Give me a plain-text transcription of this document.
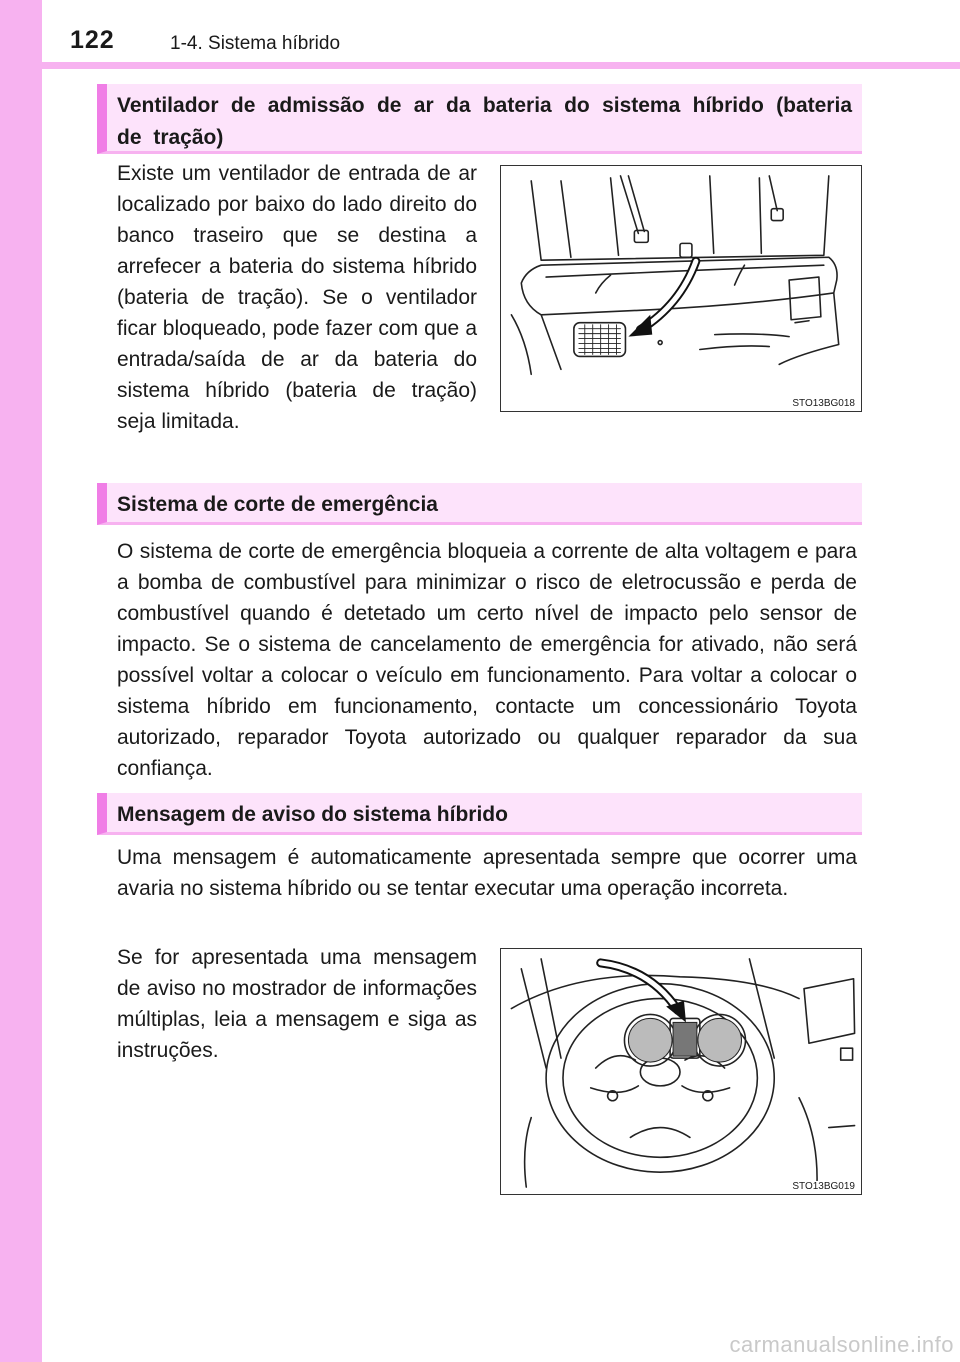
122	1-4. Sistema híbrido
Ventilador de admissão de ar da bateria do sistema híbrido (bateria de tração)

Existe um ventilador de entrada de ar localizado por baixo do lado direito do banco traseiro que se destina a arrefecer a bateria do sistema híbrido (bateria de tração). Se o ventilador ficar bloqueado, pode fazer com que a entrada/saída de ar da bateria do sistema híbrido (bateria de tração) seja limitada.

STO13BG018
Sistema de corte de emergência

O sistema de corte de emergência bloqueia a corrente de alta voltagem e para a bomba de combustível para minimizar o risco de eletrocussão e perda de combustível quando é detetado um certo nível de impacto pelo sensor de impacto. Se o sistema de cancelamento de emergência for ativado, não será possível voltar a colocar o veículo em funcionamento. Para voltar a colocar o sistema híbrido em funcionamento, contacte um concessionário Toyota autorizado, reparador Toyota autorizado ou qualquer reparador da sua confiança.

Mensagem de aviso do sistema híbrido

Uma mensagem é automaticamente apresentada sempre que ocorrer uma avaria no sistema híbrido ou se tentar executar uma operação incorreta.

Se for apresentada uma mensagem de aviso no mostrador de informações múltiplas, leia a mensagem e siga as instruções.

STO13BG019
carmanualsonline.info
